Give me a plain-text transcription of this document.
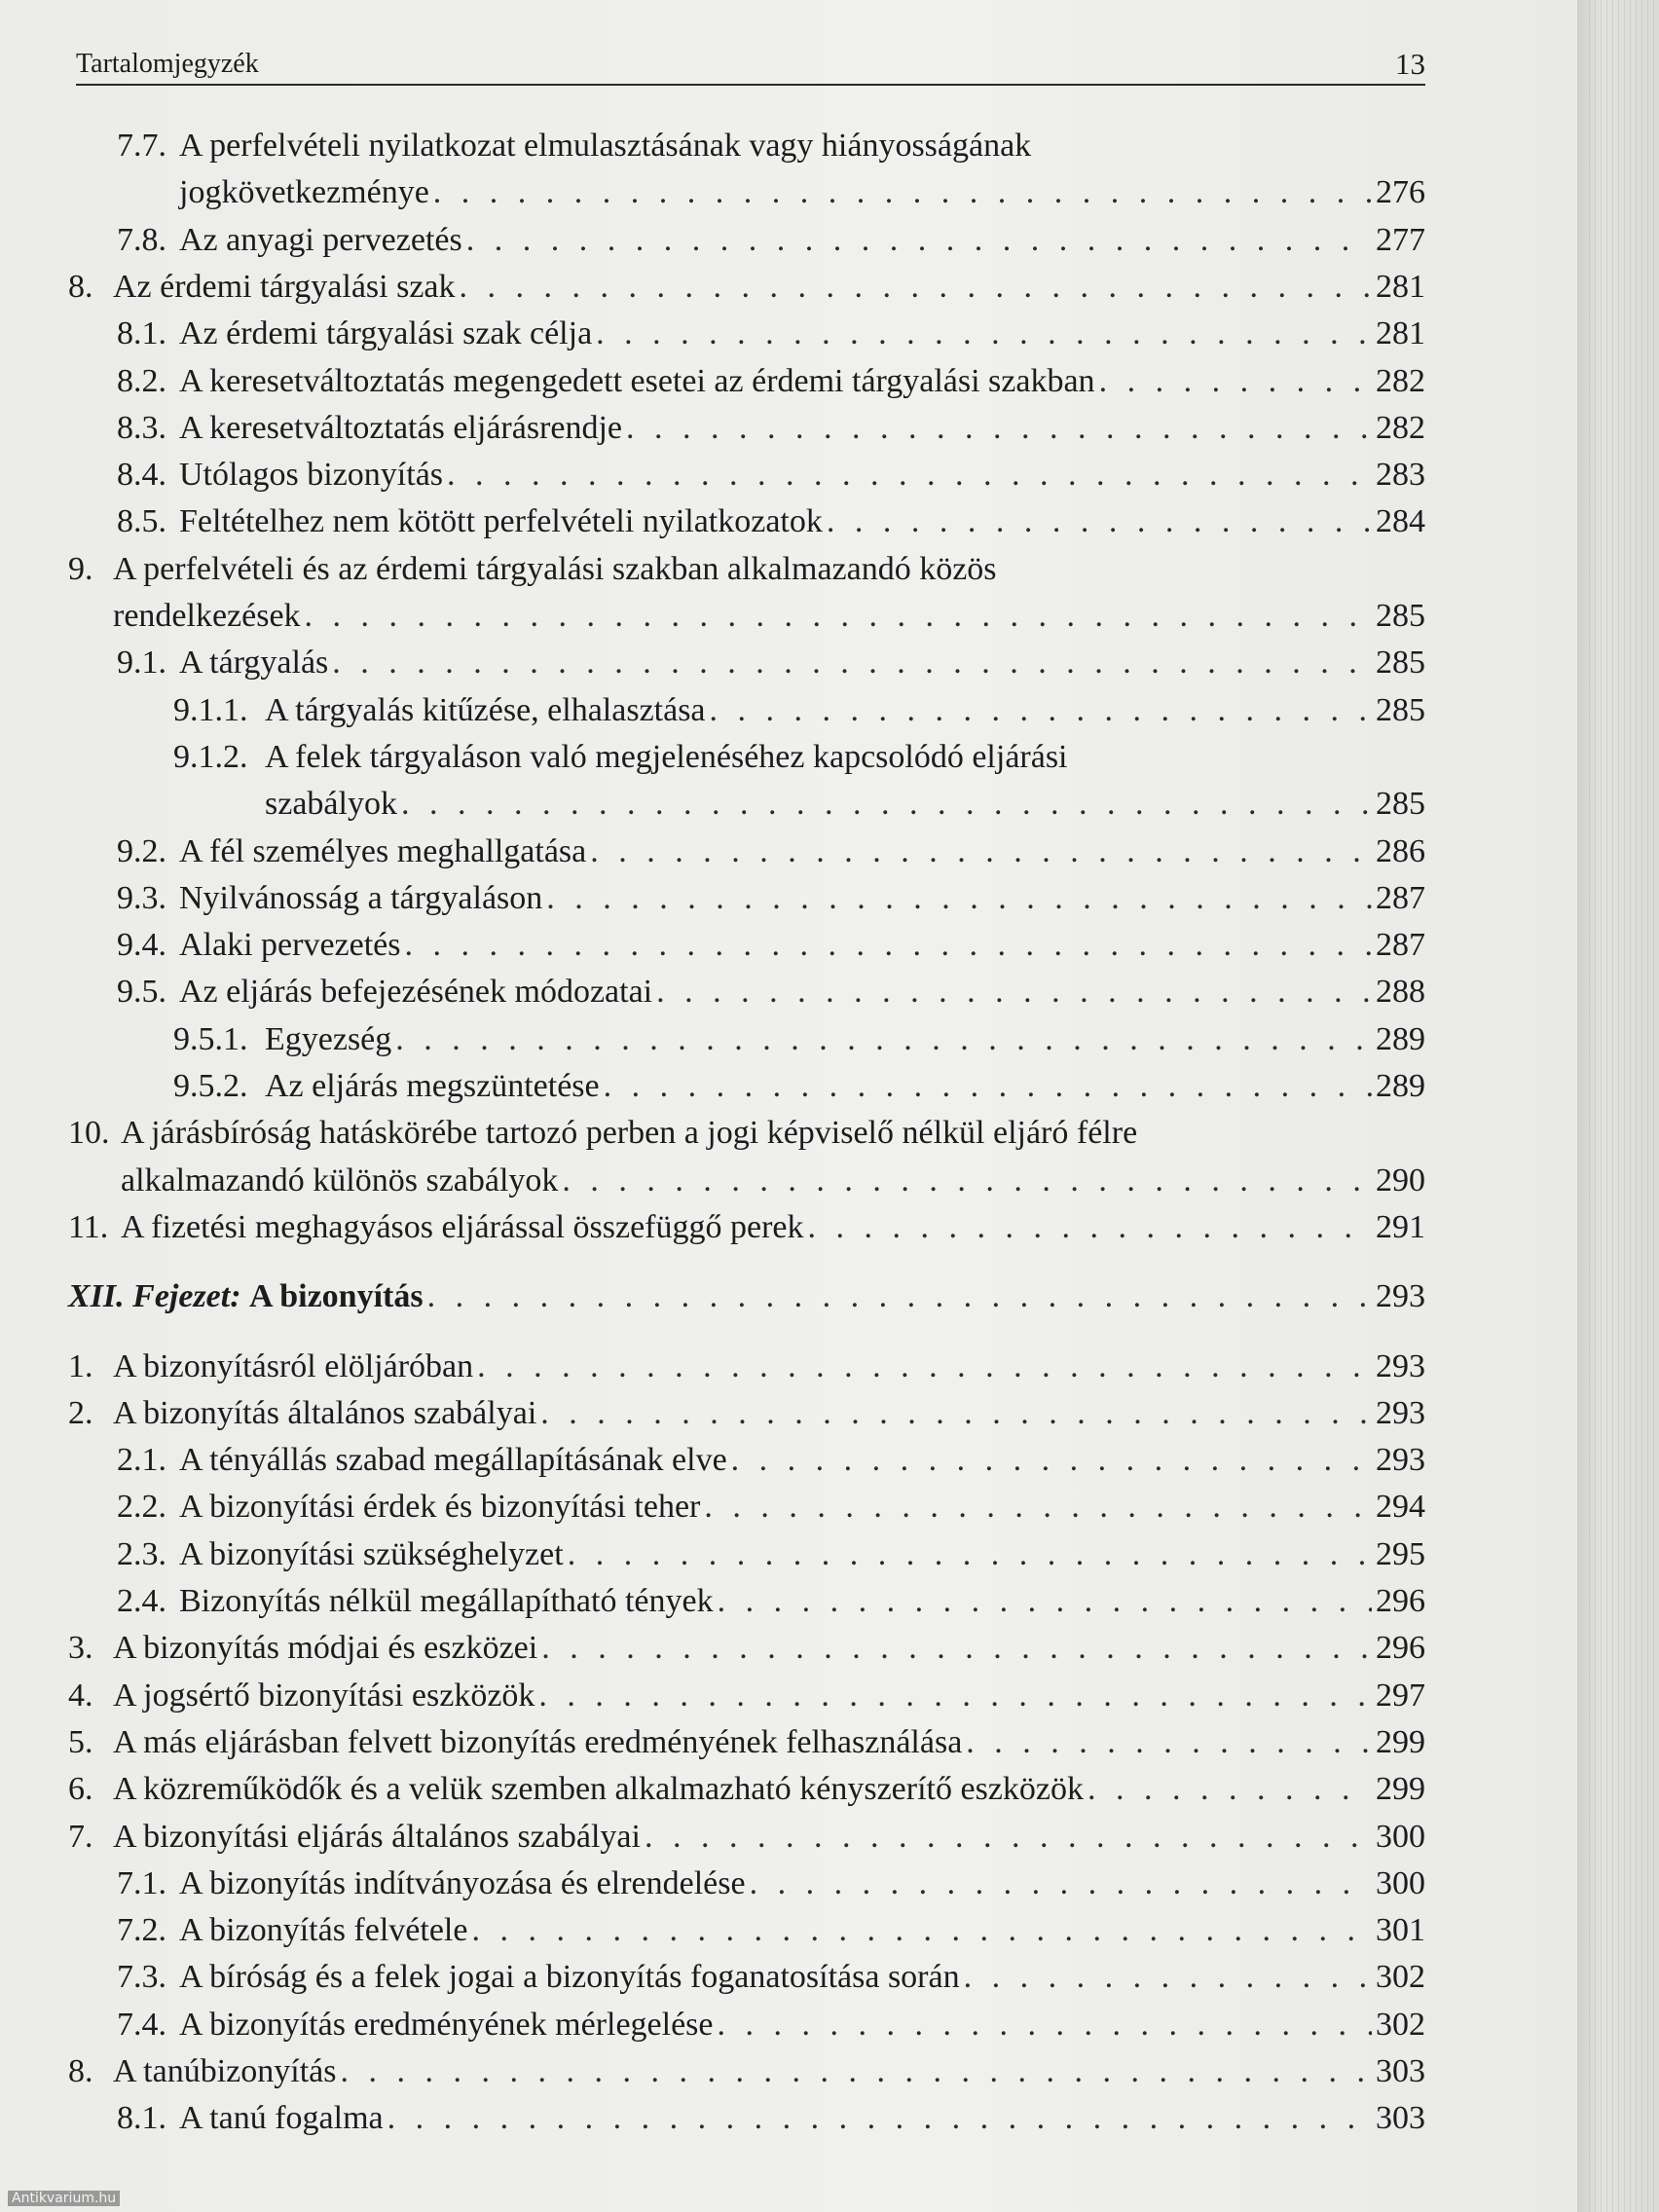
Tartalomjegyzék	13
7.7. A perfelvételi nyilatkozat elmulasztásának vagy hiányosságának
jogkövetkezménye . . .	276
7.8. Az anyagi pervezetés . . .	277
8. Az érdemi tárgyalási szak . . .	281
8.1. Az érdemi tárgyalási szak célja . . .	281
8.2. A keresetváltoztatás megengedett esetei az érdemi tárgyalási szakban . . .	282
8.3. A keresetváltoztatás eljárásrendje . . .	282
8.4. Utólagos bizonyítás . . .	283
8.5. Feltételhez nem kötött perfelvételi nyilatkozatok . . .	284
9. A perfelvételi és az érdemi tárgyalási szakban alkalmazandó közös
rendelkezések . . .	285
9.1. A tárgyalás . . .	285
9.1.1. A tárgyalás kitűzése, elhalasztása . . .	285
9.1.2. A felek tárgyaláson való megjelenéséhez kapcsolódó eljárási
szabályok . . .	285
9.2. A fél személyes meghallgatása . . .	286
9.3. Nyilvánosság a tárgyaláson . . .	287
9.4. Alaki pervezetés . . .	287
9.5. Az eljárás befejezésének módozatai . . .	288
9.5.1. Egyezség . . .	289
9.5.2. Az eljárás megszüntetése . . .	289
10. A járásbíróság hatáskörébe tartozó perben a jogi képviselő nélkül eljáró félre
alkalmazandó különös szabályok . . .	290
11. A fizetési meghagyásos eljárással összefüggő perek . . .	291
XII. Fejezet: A bizonyítás . . .	293
1. A bizonyításról elöljáróban . . .	293
2. A bizonyítás általános szabályai . . .	293
2.1. A tényállás szabad megállapításának elve . . .	293
2.2. A bizonyítási érdek és bizonyítási teher . . .	294
2.3. A bizonyítási szükséghelyzet . . .	295
2.4. Bizonyítás nélkül megállapítható tények . . .	296
3. A bizonyítás módjai és eszközei . . .	296
4. A jogsértő bizonyítási eszközök . . .	297
5. A más eljárásban felvett bizonyítás eredményének felhasználása . . .	299
6. A közreműködők és a velük szemben alkalmazható kényszerítő eszközök . . .	299
7. A bizonyítási eljárás általános szabályai . . .	300
7.1. A bizonyítás indítványozása és elrendelése . . .	300
7.2. A bizonyítás felvétele . . .	301
7.3. A bíróság és a felek jogai a bizonyítás foganatosítása során . . .	302
7.4. A bizonyítás eredményének mérlegelése . . .	302
8. A tanúbizonyítás . . .	303
8.1. A tanú fogalma . . .	303
Antikvarium.hu
